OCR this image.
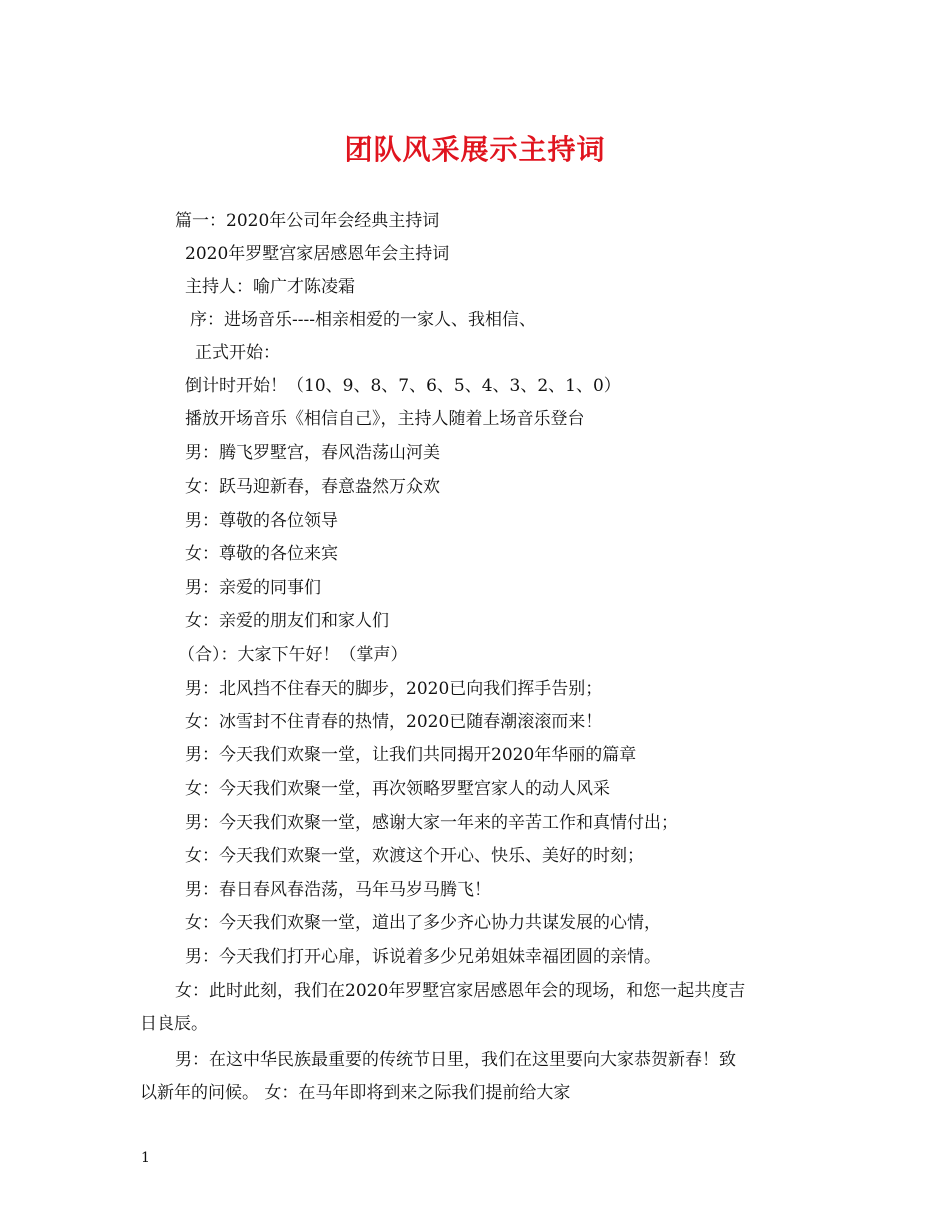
团队风采展示主持词
篇一：2020年公司年会经典主持词
2020年罗墅宫家居感恩年会主持词
主持人：喻广才陈凌霜
序：进场音乐----相亲相爱的一家人、我相信、
正式开始：
倒计时开始！（10、9、8、7、6、5、4、3、2、1、0）
播放开场音乐《相信自己》，主持人随着上场音乐登台
男：腾飞罗墅宫，春风浩荡山河美
女：跃马迎新春，春意盎然万众欢
男：尊敬的各位领导
女：尊敬的各位来宾
男：亲爱的同事们
女：亲爱的朋友们和家人们
（合）：大家下午好！（掌声）
男：北风挡不住春天的脚步，2020已向我们挥手告别；
女：冰雪封不住青春的热情，2020已随春潮滚滚而来！
男：今天我们欢聚一堂，让我们共同揭开2020年华丽的篇章
女：今天我们欢聚一堂，再次领略罗墅宫家人的动人风采
男：今天我们欢聚一堂，感谢大家一年来的辛苦工作和真情付出；
女：今天我们欢聚一堂，欢渡这个开心、快乐、美好的时刻；
男：春日春风春浩荡，马年马岁马腾飞！
女：今天我们欢聚一堂，道出了多少齐心协力共谋发展的心情，
男：今天我们打开心扉，诉说着多少兄弟姐妹幸福团圆的亲情。
女：此时此刻，我们在2020年罗墅宫家居感恩年会的现场，和您一起共度吉
日良辰。
男：在这中华民族最重要的传统节日里，我们在这里要向大家恭贺新春！致
以新年的问候。 女：在马年即将到来之际我们提前给大家
1
